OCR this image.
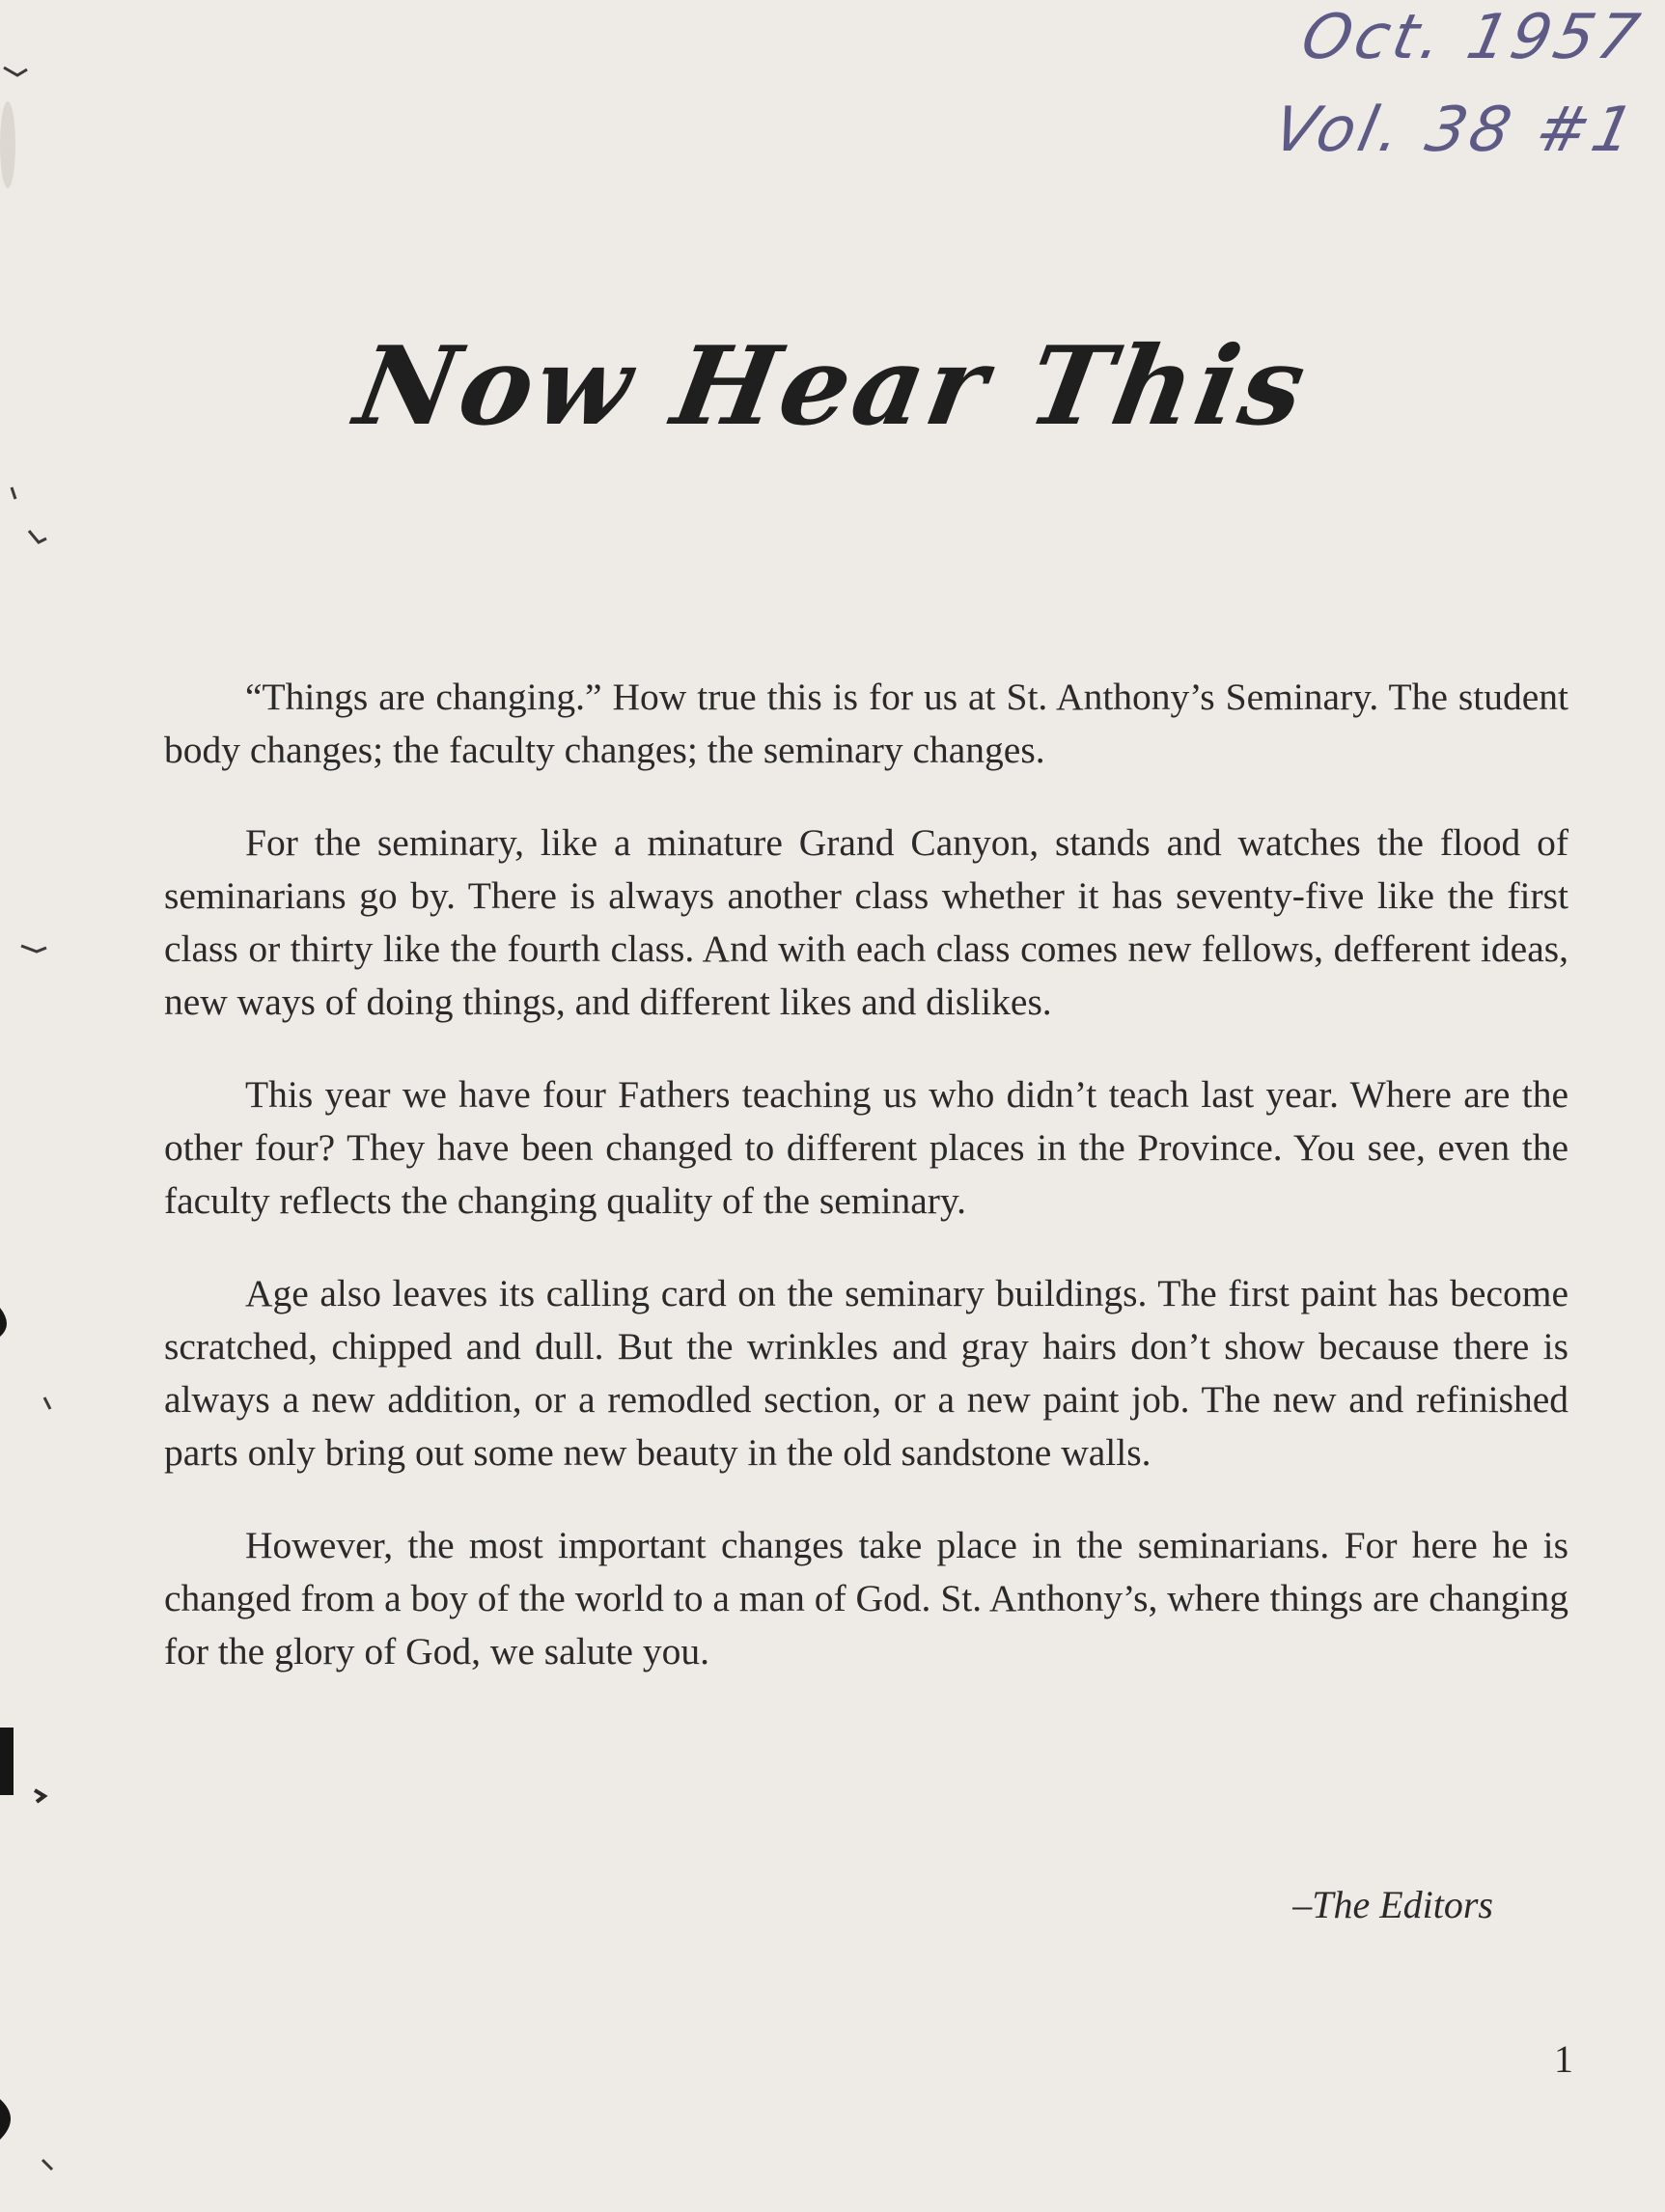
Oct. 1957
Vol. 38 #1
Now Hear This

“Things are changing.” How true this is for us at St. Anthony’s Seminary. The student body changes; the faculty changes; the seminary changes.

For the seminary, like a minature Grand Canyon, stands and watches the flood of seminarians go by. There is always another class whether it has seventy-five like the first class or thirty like the fourth class. And with each class comes new fellows, defferent ideas, new ways of doing things, and different likes and dislikes.

This year we have four Fathers teaching us who didn’t teach last year. Where are the other four? They have been changed to different places in the Province. You see, even the faculty reflects the changing quality of the seminary.

Age also leaves its calling card on the seminary buildings. The first paint has become scratched, chipped and dull. But the wrinkles and gray hairs don’t show because there is always a new addition, or a remodled section, or a new paint job. The new and refinished parts only bring out some new beauty in the old sandstone walls.

However, the most important changes take place in the seminarians. For here he is changed from a boy of the world to a man of God. St. Anthony’s, where things are changing for the glory of God, we salute you.

–The Editors
1
